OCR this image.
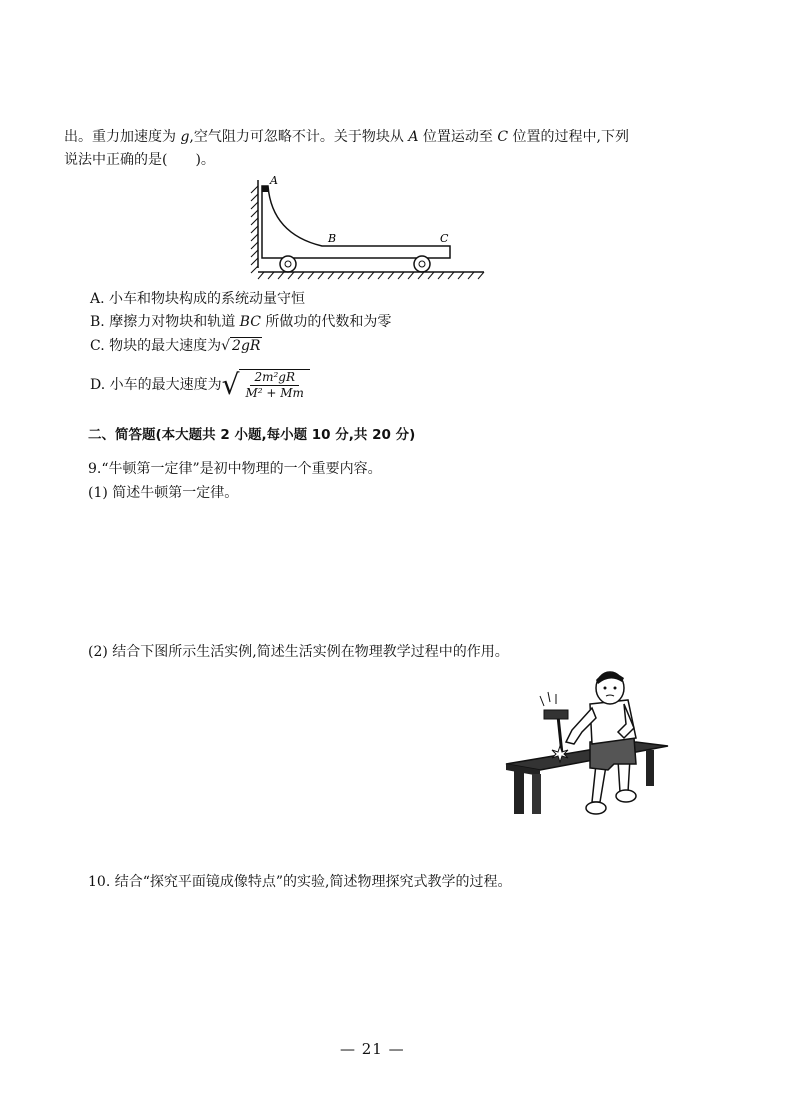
出。重力加速度为 g,空气阻力可忽略不计。关于物块从 A 位置运动至 C 位置的过程中,下列
说法中正确的是(　　)。
A
B	C
A. 小车和物块构成的系统动量守恒
B. 摩擦力对物块和轨道 BC 所做功的代数和为零
C. 物块的最大速度为√ 2gR
D. 小车的最大速度为√ $\frac{\text{2m²gR}}{\text{M² + Mm}}$
二、简答题(本大题共 2 小题,每小题 10 分,共 20 分)
9.“牛顿第一定律”是初中物理的一个重要内容。
(1) 简述牛顿第一定律。
(2) 结合下图所示生活实例,简述生活实例在物理教学过程中的作用。
10. 结合“探究平面镜成像特点”的实验,简述物理探究式教学的过程。
— 21 —
